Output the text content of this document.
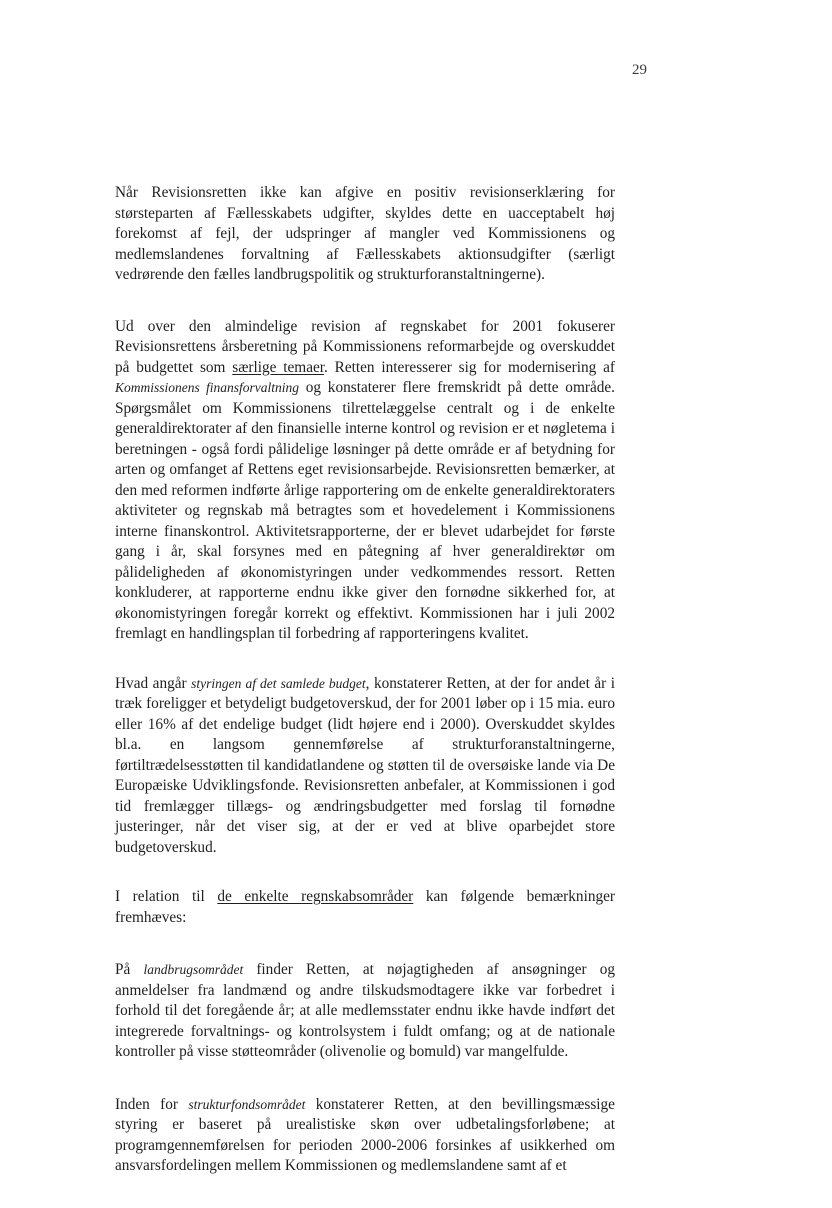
29

Når Revisionsretten ikke kan afgive en positiv revisionserklæring for størsteparten af Fællesskabets udgifter, skyldes dette en uacceptabelt høj forekomst af fejl, der udspringer af mangler ved Kommissionens og medlemslandenes forvaltning af Fællesskabets aktionsudgifter (særligt vedrørende den fælles landbrugspolitik og strukturforanstaltningerne).

Ud over den almindelige revision af regnskabet for 2001 fokuserer Revisionsrettens årsberetning på Kommissionens reformarbejde og overskuddet på budgettet som særlige temaer. Retten interesserer sig for modernisering af Kommissionens finansforvaltning og konstaterer flere fremskridt på dette område. Spørgsmålet om Kommissionens tilrettelæggelse centralt og i de enkelte generaldirektorater af den finansielle interne kontrol og revision er et nøgletema i beretningen - også fordi pålidelige løsninger på dette område er af betydning for arten og omfanget af Rettens eget revisionsarbejde. Revisionsretten bemærker, at den med reformen indførte årlige rapportering om de enkelte generaldirektoraters aktiviteter og regnskab må betragtes som et hovedelement i Kommissionens interne finanskontrol. Aktivitetsrapporterne, der er blevet udarbejdet for første gang i år, skal forsynes med en påtegning af hver generaldirektør om pålideligheden af økonomistyringen under vedkommendes ressort. Retten konkluderer, at rapporterne endnu ikke giver den fornødne sikkerhed for, at økonomistyringen foregår korrekt og effektivt. Kommissionen har i juli 2002 fremlagt en handlingsplan til forbedring af rapporteringens kvalitet.

Hvad angår styringen af det samlede budget, konstaterer Retten, at der for andet år i træk foreligger et betydeligt budgetoverskud, der for 2001 løber op i 15 mia. euro eller 16% af det endelige budget (lidt højere end i 2000). Overskuddet skyldes bl.a. en langsom gennemførelse af strukturforanstaltningerne, førtiltrædelsesstøtten til kandidatlandene og støtten til de oversøiske lande via De Europæiske Udviklingsfonde. Revisionsretten anbefaler, at Kommissionen i god tid fremlægger tillægs- og ændringsbudgetter med forslag til fornødne justeringer, når det viser sig, at der er ved at blive oparbejdet store budgetoverskud.

I relation til de enkelte regnskabsområder kan følgende bemærkninger fremhæves:

På landbrugsområdet finder Retten, at nøjagtigheden af ansøgninger og anmeldelser fra landmænd og andre tilskudsmodtagere ikke var forbedret i forhold til det foregående år; at alle medlemsstater endnu ikke havde indført det integrerede forvaltnings- og kontrolsystem i fuldt omfang; og at de nationale kontroller på visse støtteområder (olivenolie og bomuld) var mangelfulde.

Inden for strukturfondsområdet konstaterer Retten, at den bevillingsmæssige styring er baseret på urealistiske skøn over udbetalingsforløbene; at programgennemførelsen for perioden 2000-2006 forsinkes af usikkerhed om ansvarsfordelingen mellem Kommissionen og medlemslandene samt af et
